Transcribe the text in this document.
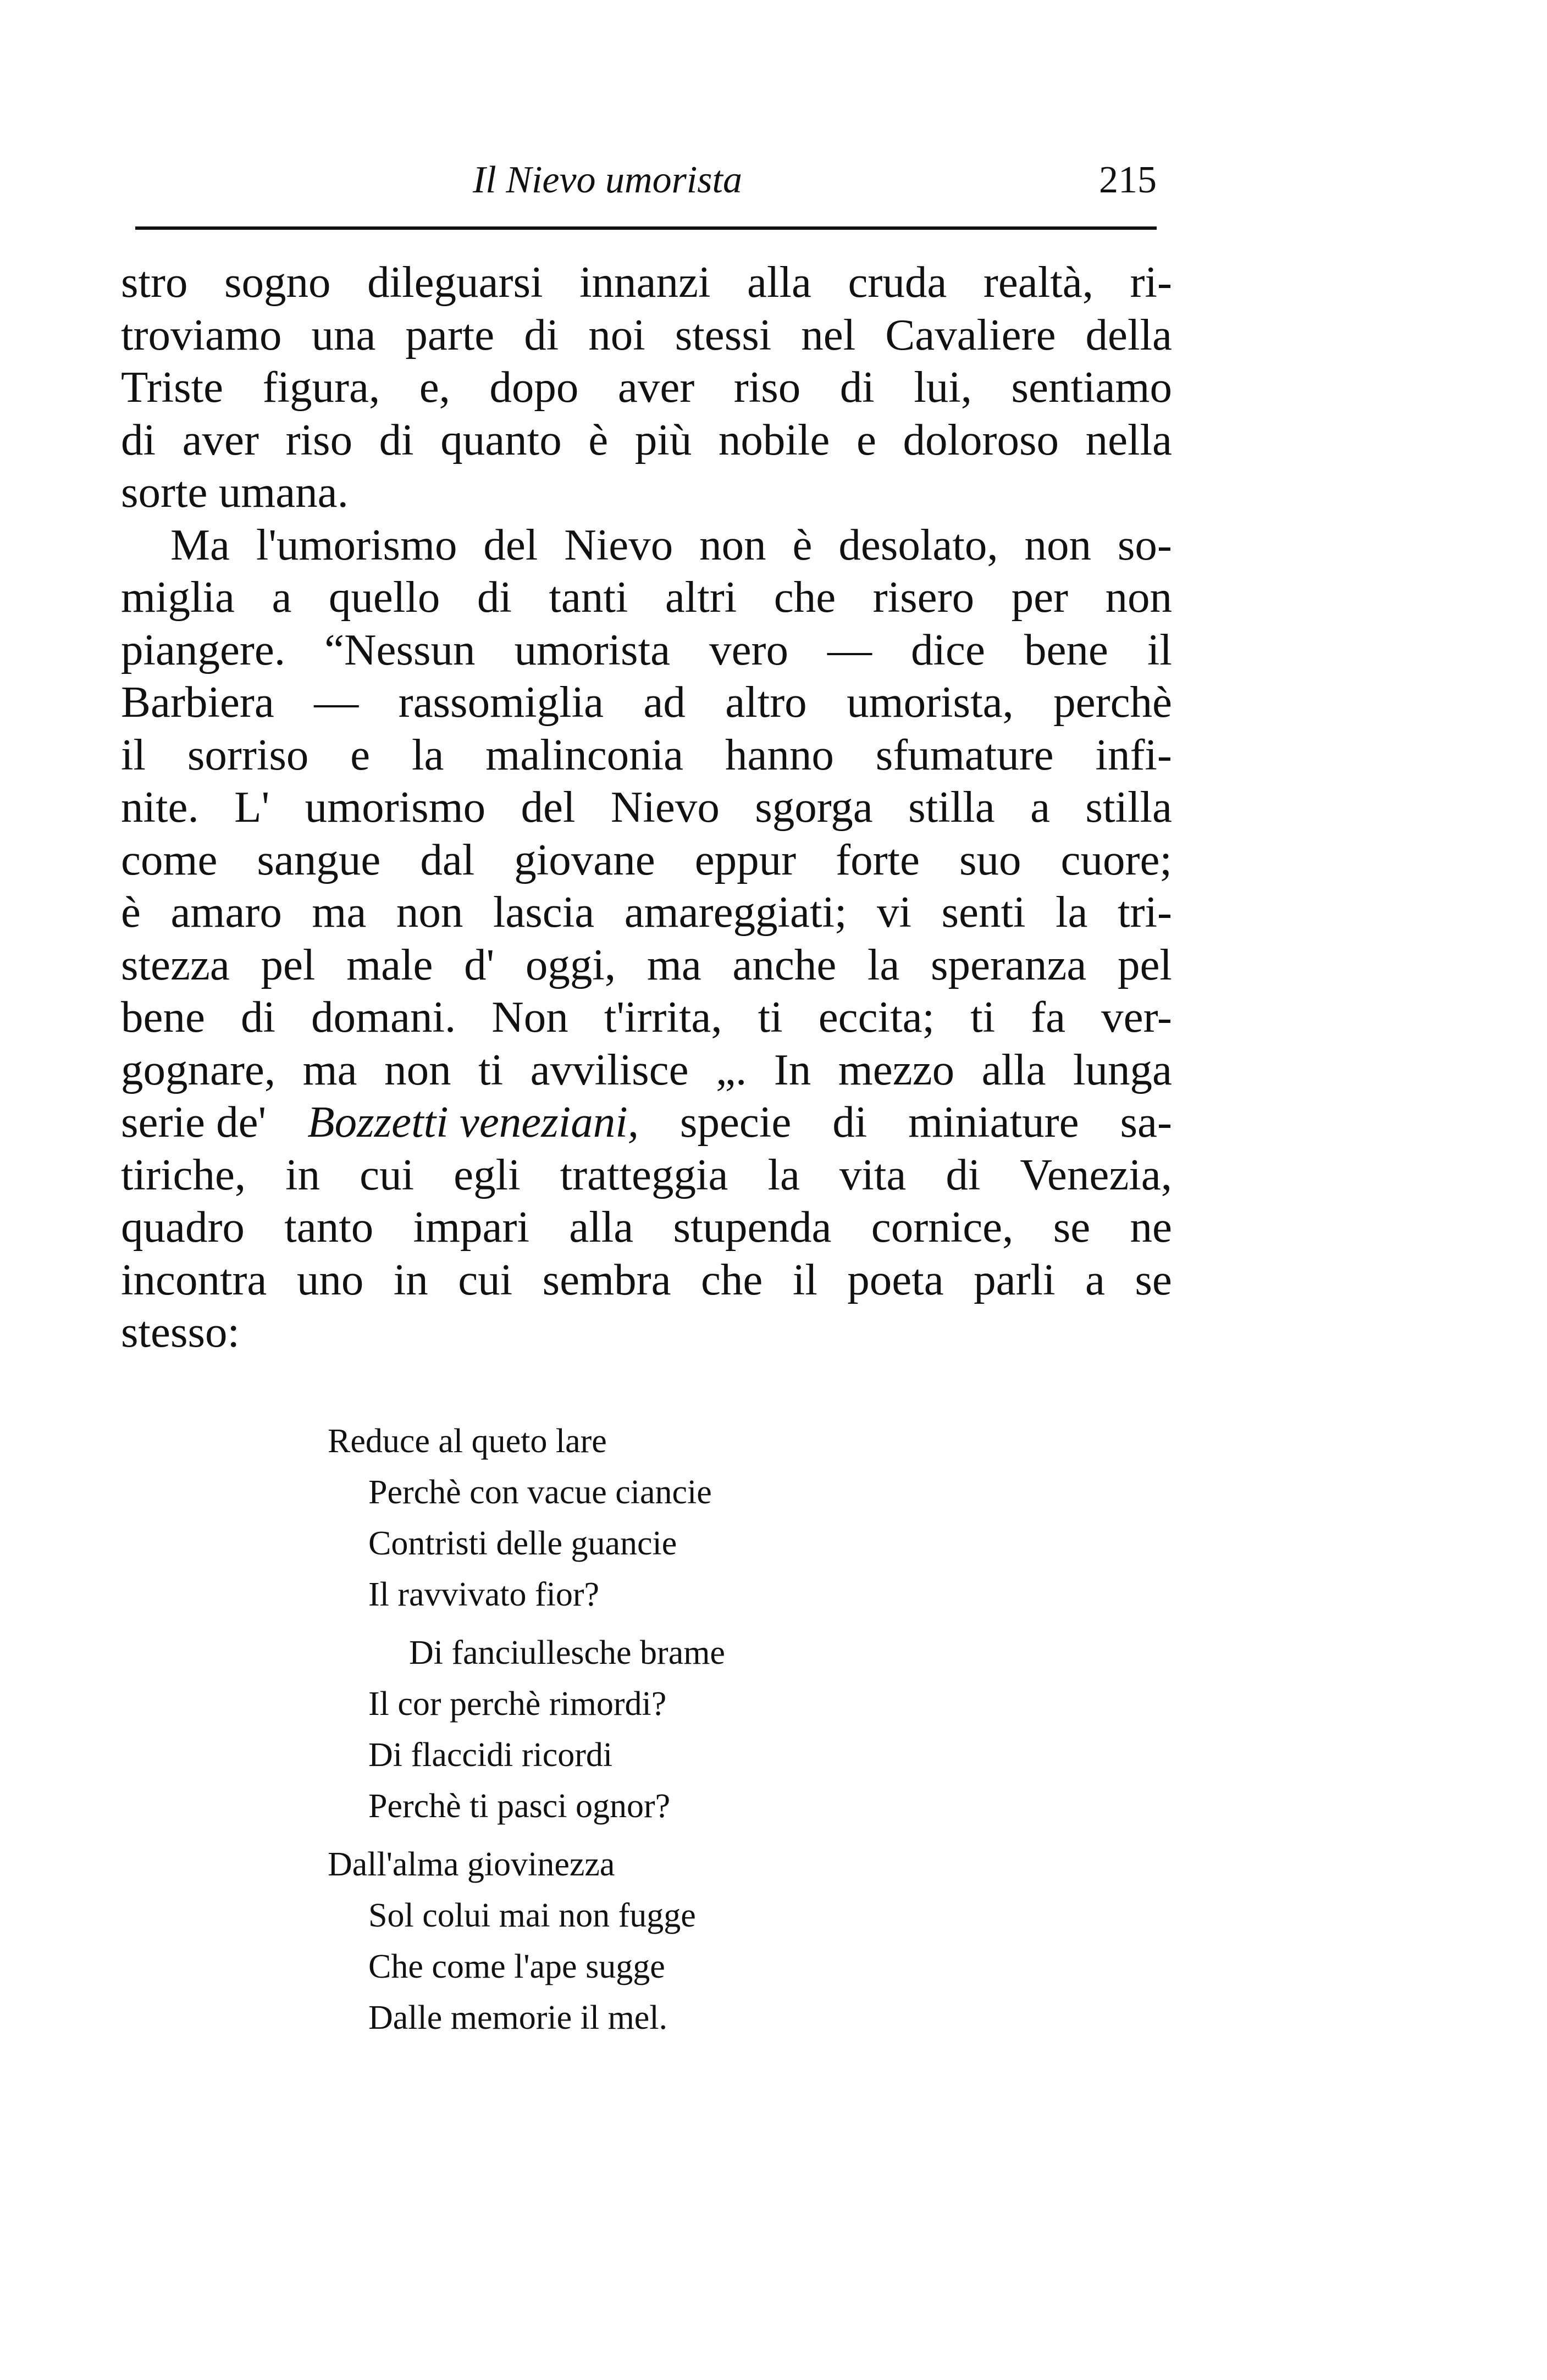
Il Nievo umorista	215
stro sogno dileguarsi innanzi alla cruda realtà, ri-
troviamo una parte di noi stessi nel Cavaliere della
Triste figura, e, dopo aver riso di lui, sentiamo
di aver riso di quanto è più nobile e doloroso nella
sorte umana.
Ma l'umorismo del Nievo non è desolato, non so-
miglia a quello di tanti altri che risero per non
piangere. “Nessun umorista vero — dice bene il
Barbiera — rassomiglia ad altro umorista, perchè
il sorriso e la malinconia hanno sfumature infi-
nite. L' umorismo del Nievo sgorga stilla a stilla
come sangue dal giovane eppur forte suo cuore;
è amaro ma non lascia amareggiati; vi senti la tri-
stezza pel male d' oggi, ma anche la speranza pel
bene di domani. Non t'irrita, ti eccita; ti fa ver-
gognare, ma non ti avvilisce „. In mezzo alla lunga
serie de' Bozzetti veneziani, specie di miniature sa-
tiriche, in cui egli tratteggia la vita di Venezia,
quadro tanto impari alla stupenda cornice, se ne
incontra uno in cui sembra che il poeta parli a se
stesso:
Reduce al queto lare
Perchè con vacue ciancie
Contristi delle guancie
Il ravvivato fior?
Di fanciullesche brame
Il cor perchè rimordi?
Di flaccidi ricordi
Perchè ti pasci ognor?
Dall'alma giovinezza
Sol colui mai non fugge
Che come l'ape sugge
Dalle memorie il mel.
